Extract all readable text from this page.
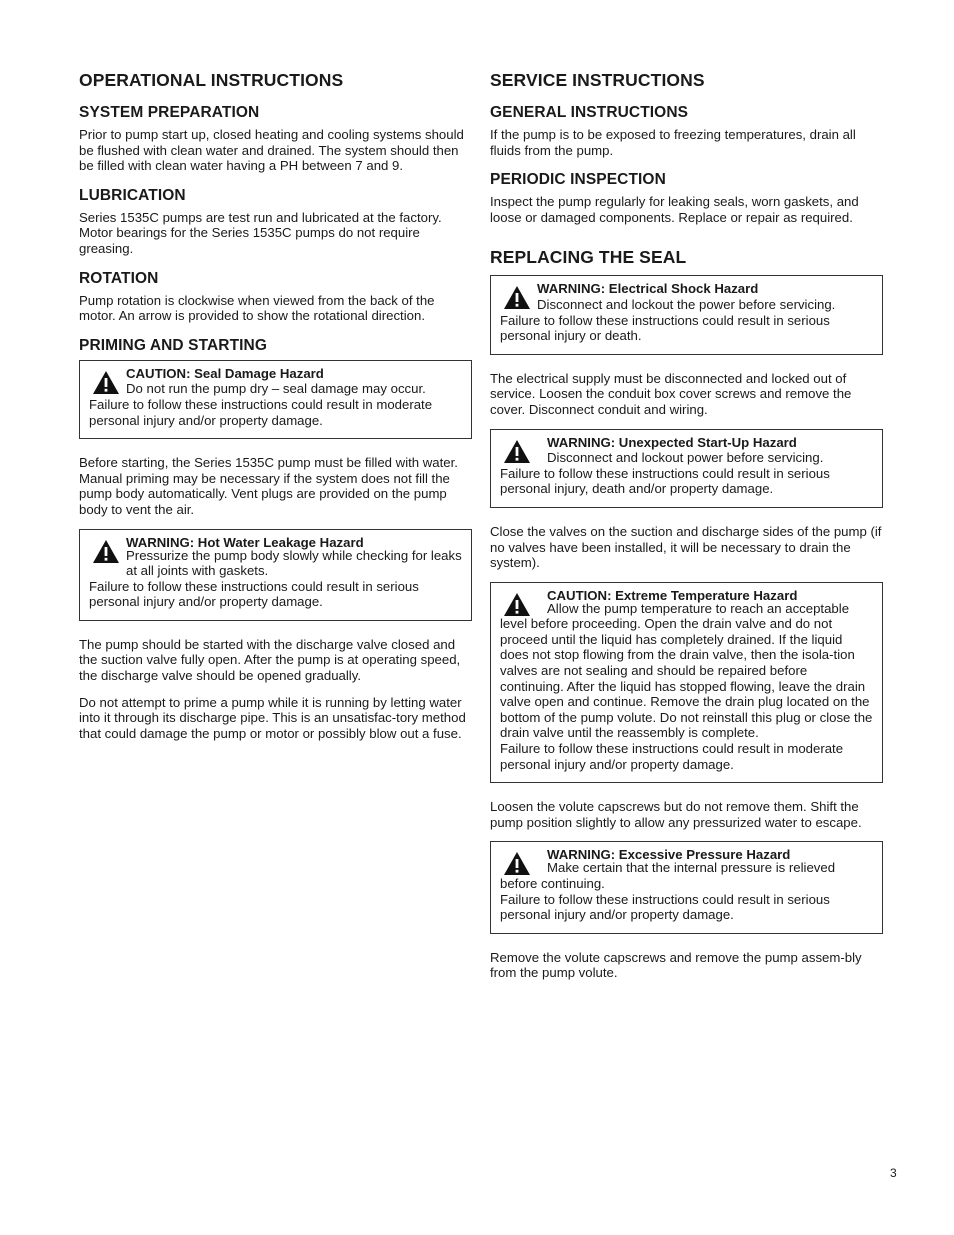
OPERATIONAL INSTRUCTIONS
SYSTEM PREPARATION

Prior to pump start up, closed heating and cooling systems should be flushed with clean water and drained. The system should then be filled with clean water having a PH between 7 and 9.

LUBRICATION

Series 1535C pumps are test run and lubricated at the factory. Motor bearings for the Series 1535C pumps do not require greasing.

ROTATION

Pump rotation is clockwise when viewed from the back of the motor. An arrow is provided to show the rotational direction.

PRIMING AND STARTING
CAUTION: Seal Damage Hazard
Do not run the pump dry – seal damage may occur.
Failure to follow these instructions could result in moderate personal injury and/or property damage.

Before starting, the Series 1535C pump must be filled with water. Manual priming may be necessary if the system does not fill the pump body automatically. Vent plugs are provided on the pump body to vent the air.

WARNING: Hot Water Leakage Hazard
Pressurize the pump body slowly while checking for leaks at all joints with gaskets.
Failure to follow these instructions could result in serious personal injury and/or property damage.

The pump should be started with the discharge valve closed and the suction valve fully open. After the pump is at operating speed, the discharge valve should be opened gradually.

Do not attempt to prime a pump while it is running by letting water into it through its discharge pipe. This is an unsatisfac-tory method that could damage the pump or motor or possibly blow out a fuse.

SERVICE INSTRUCTIONS
GENERAL INSTRUCTIONS

If the pump is to be exposed to freezing temperatures, drain all fluids from the pump.

PERIODIC INSPECTION

Inspect the pump regularly for leaking seals, worn gaskets, and loose or damaged components. Replace or repair as required.

REPLACING THE SEAL
WARNING: Electrical Shock Hazard
Disconnect and lockout the power before servicing.
Failure to follow these instructions could result in serious personal injury or death.

The electrical supply must be disconnected and locked out of service. Loosen the conduit box cover screws and remove the cover. Disconnect conduit and wiring.

WARNING: Unexpected Start-Up Hazard
Disconnect and lockout power before servicing.
Failure to follow these instructions could result in serious personal injury, death and/or property damage.

Close the valves on the suction and discharge sides of the pump (if no valves have been installed, it will be necessary to drain the system).

CAUTION: Extreme Temperature Hazard
Allow the pump temperature to reach an acceptable level before proceeding. Open the drain valve and do not proceed until the liquid has completely drained. If the liquid does not stop flowing from the drain valve, then the isola-tion valves are not sealing and should be repaired before continuing. After the liquid has stopped flowing, leave the drain valve open and continue. Remove the drain plug located on the bottom of the pump volute. Do not reinstall this plug or close the drain valve until the reassembly is complete.
Failure to follow these instructions could result in moderate personal injury and/or property damage.

Loosen the volute capscrews but do not remove them. Shift the pump position slightly to allow any pressurized water to escape.

WARNING: Excessive Pressure Hazard
Make certain that the internal pressure is relieved before continuing.
Failure to follow these instructions could result in serious personal injury and/or property damage.

Remove the volute capscrews and remove the pump assem-bly from the pump volute.

3
